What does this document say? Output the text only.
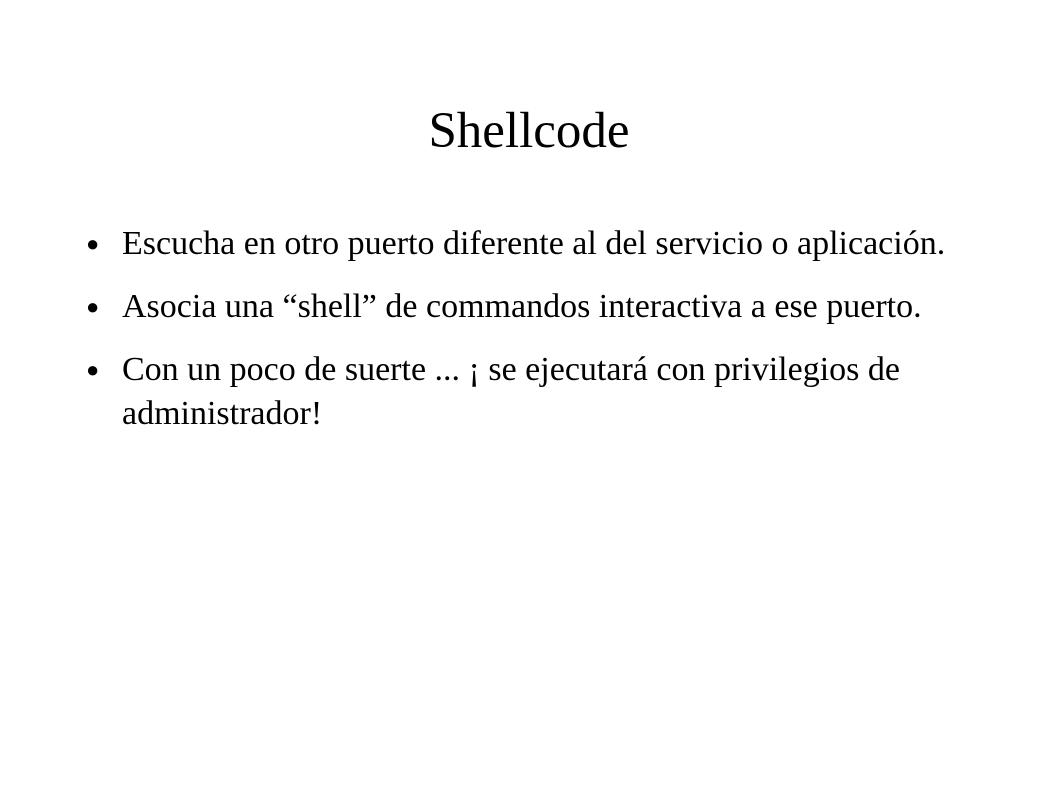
Shellcode
● Escucha en otro puerto diferente al del servicio o aplicación.
● Asocia una “shell” de commandos interactiva a ese puerto.
● Con un poco de suerte ... ¡ se ejecutará con privilegios de administrador!
